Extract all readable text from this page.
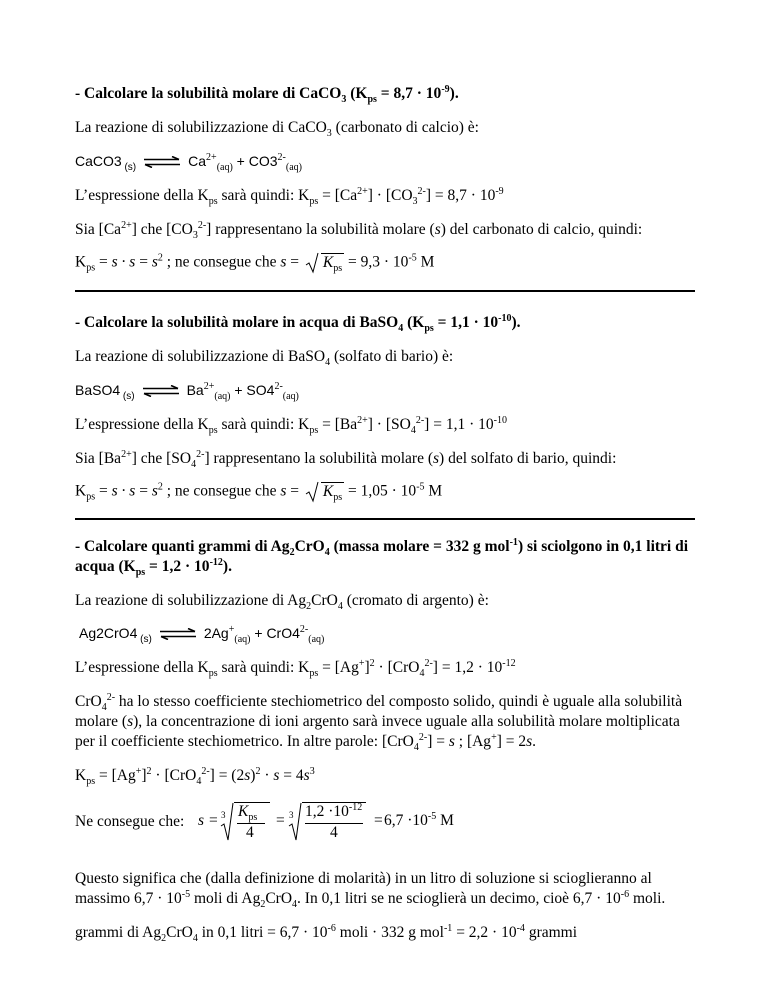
- Calcolare la solubilità molare di CaCO$_3$ $(K_{ps} = 8,7 \cdot 10^{-9})$.
La reazione di solubilizzazione di CaCO$_3$ (carbonato di calcio) è:
CaCO3 $_{(s)}$ ⇌ $Ca^{2+}_{(aq)} + CO3^{2-}_{(aq)}$
L’espressione della $K_{ps}$ sarà quindi: $K_{ps} = [Ca^{2+}] \cdot [CO_3^{2-}] = 8,7 \cdot 10^{-9}$
Sia $[Ca^{2+}]$ che $[CO_3^{2-}]$ rappresentano la solubilità molare (s) del carbonato di calcio, quindi:
$K_{ps} = s \cdot s = s^2$ ; ne consegue che $s = K_{ps} = 9,3 \cdot 10^{-5}$ M
- Calcolare la solubilità molare in acqua di BaSO$_4$ $(K_{ps} = 1,1 \cdot 10^{-10})$.
La reazione di solubilizzazione di BaSO$_4$ (solfato di bario) è:
BaSO4 $_{(s)}$ ⇌ $Ba^{2+}_{(aq)} + SO4^{2-}_{(aq)}$
L’espressione della $K_{ps}$ sarà quindi: $K_{ps} = [Ba^{2+}] \cdot [SO_4^{2-}] = 1,1 \cdot 10^{-10}$
Sia $[Ba^{2+}]$ che $[SO_4^{2-}]$ rappresentano la solubilità molare (s) del solfato di bario, quindi:
$K_{ps} = s \cdot s = s^2$ ; ne consegue che $s = K_{ps} = 1,05 \cdot 10^{-5}$ M
- Calcolare quanti grammi di $Ag_2CrO_4$ (massa molare = 332 g mol$^{-1}$) si sciolgono in 0,1 litri di
acqua $(K_{ps} = 1,2 \cdot 10^{-12})$.
La reazione di solubilizzazione di $Ag_2CrO_4$ (cromato di argento) è:
Ag2CrO4 $_{(s)}$ ⇌ $2Ag^+_{(aq)} + CrO4^{2-}_{(aq)}$
L’espressione della $K_{ps}$ sarà quindi: $K_{ps} = [Ag^+]^2 \cdot [CrO_4^{2-}] = 1,2 \cdot 10^{-12}$
CrO$_4^{2-}$ ha lo stesso coefficiente stechiometrico del composto solido, quindi è uguale alla solubilità
molare (s), la concentrazione di ioni argento sarà invece uguale alla solubilità molare moltiplicata
per il coefficiente stechiometrico. In altre parole: [CrO$_4^{2-}$] = s ; [Ag+] = 2s.
$K_{ps} = [Ag^+]^2 \cdot [CrO_4^{2-}] = (2s)^2 \cdot s = 4s^3$
Ne consegue che: s = 3 $K_{ps}$
4
= 3 $1,2 \cdot 10^{-12}$
4
= $6,7 \cdot 10^{-5}$ M
Questo significa che (dalla definizione di molarità) in un litro di soluzione si scioglieranno al
massimo $6,7 \cdot 10^{-5}$ moli di $Ag_2CrO_4$. In 0,1 litri se ne scioglierà un decimo, cioè $6,7 \cdot 10^{-6}$ moli.
grammi di $Ag_2CrO_4$ in 0,1 litri = $6,7 \cdot 10^{-6}$ moli · 332 g $mol^{-1} = 2,2 \cdot 10^{-4}$ grammi
